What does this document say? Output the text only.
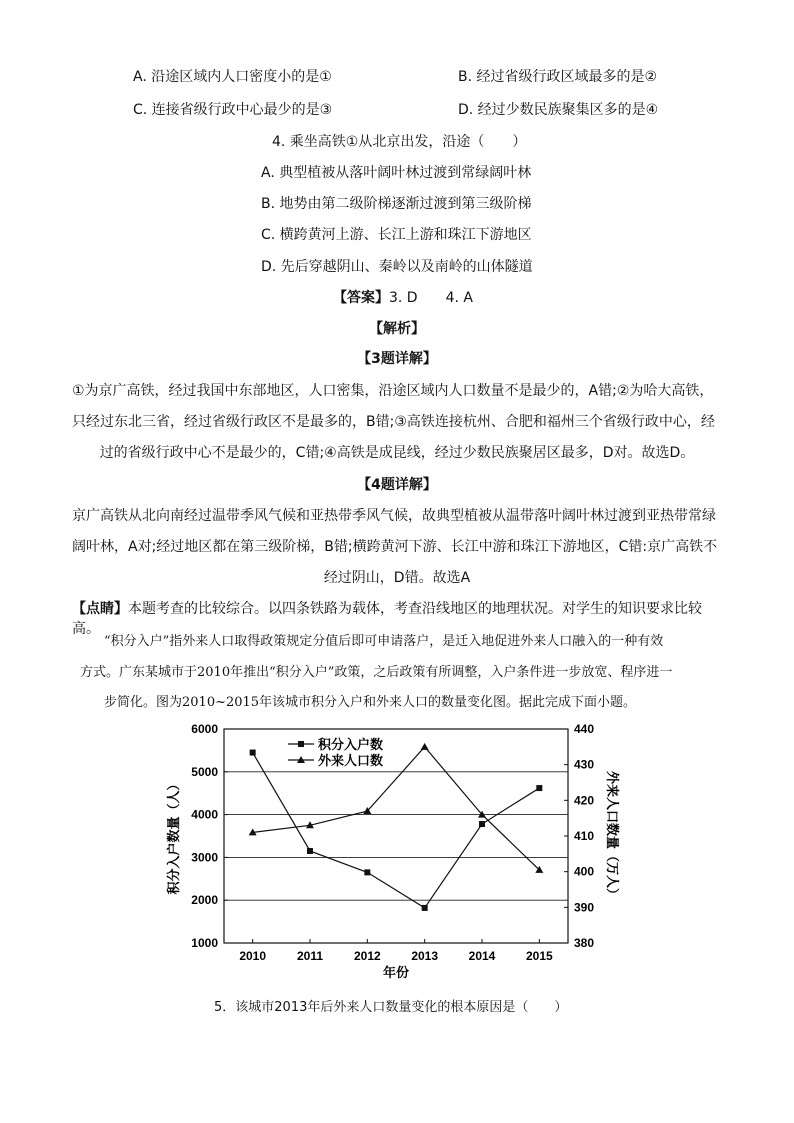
A. 沿途区域内人口密度小的是①	B. 经过省级行政区域最多的是②
C. 连接省级行政中心最少的是③	D. 经过少数民族聚集区多的是④
4. 乘坐高铁①从北京出发，沿途（　　）
A. 典型植被从落叶阔叶林过渡到常绿阔叶林
B. 地势由第二级阶梯逐渐过渡到第三级阶梯
C. 横跨黄河上游、长江上游和珠江下游地区
D. 先后穿越阴山、秦岭以及南岭的山体隧道
【答案】3. D　　4. A
【解析】
【3题详解】
①为京广高铁，经过我国中东部地区，人口密集，沿途区域内人口数量不是最少的，A错;②为哈大高铁，
只经过东北三省，经过省级行政区不是最多的，B错;③高铁连接杭州、合肥和福州三个省级行政中心，经
过的省级行政中心不是最少的，C错;④高铁是成昆线，经过少数民族聚居区最多，D对。故选D。
【4题详解】
京广高铁从北向南经过温带季风气候和亚热带季风气候，故典型植被从温带落叶阔叶林过渡到亚热带常绿
阔叶林，A对;经过地区都在第三级阶梯，B错;横跨黄河下游、长江中游和珠江下游地区，C错:京广高铁不
经过阴山，D错。故选A
【点睛】本题考查的比较综合。以四条铁路为载体，考查沿线地区的地理状况。对学生的知识要求比较高。
“积分入户”指外来人口取得政策规定分值后即可申请落户，是迁入地促进外来人口融入的一种有效
方式。广东某城市于2010年推出“积分入户”政策，之后政策有所调整，入户条件进一步放宽、程序进一
步简化。图为2010~2015年该城市积分入户和外来人口的数量变化图。据此完成下面小题。
1000
2000
3000
4000
5000
6000
380
390
400
410
420
430
440
2010	2011	2012	2013	2014	2015
年份
积分入户数量（人）	外来人口数量（万人）
积分入户数
外来人口数
5．该城市2013年后外来人口数量变化的根本原因是（　　）
